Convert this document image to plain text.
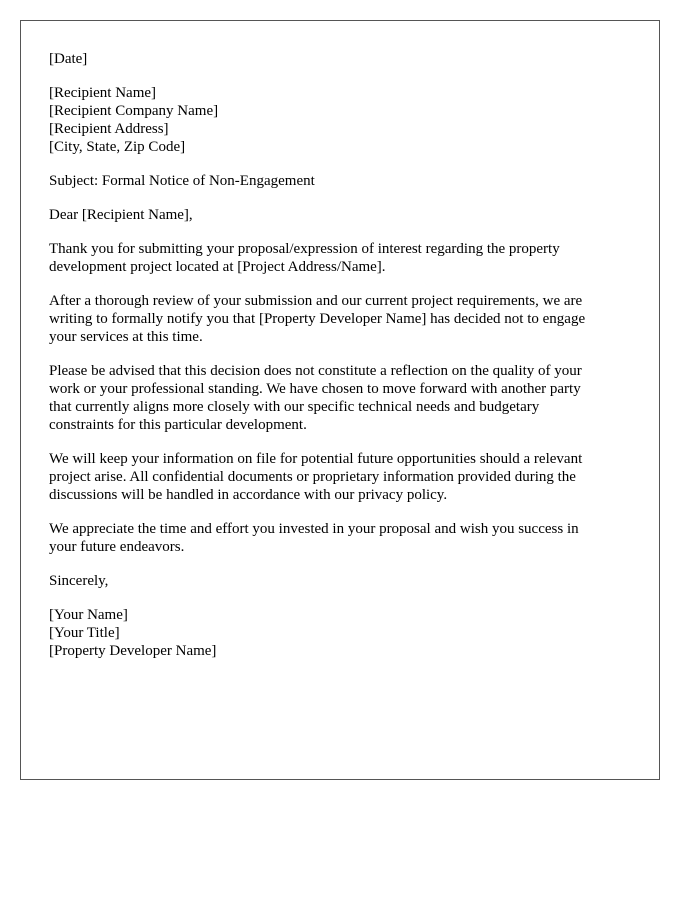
[Date]
[Recipient Name]
[Recipient Company Name]
[Recipient Address]
[City, State, Zip Code]
Subject: Formal Notice of Non-Engagement
Dear [Recipient Name],
Thank you for submitting your proposal/expression of interest regarding the property
development project located at [Project Address/Name].
After a thorough review of your submission and our current project requirements, we are
writing to formally notify you that [Property Developer Name] has decided not to engage
your services at this time.
Please be advised that this decision does not constitute a reflection on the quality of your
work or your professional standing. We have chosen to move forward with another party
that currently aligns more closely with our specific technical needs and budgetary
constraints for this particular development.
We will keep your information on file for potential future opportunities should a relevant
project arise. All confidential documents or proprietary information provided during the
discussions will be handled in accordance with our privacy policy.
We appreciate the time and effort you invested in your proposal and wish you success in
your future endeavors.
Sincerely,
[Your Name]
[Your Title]
[Property Developer Name]
